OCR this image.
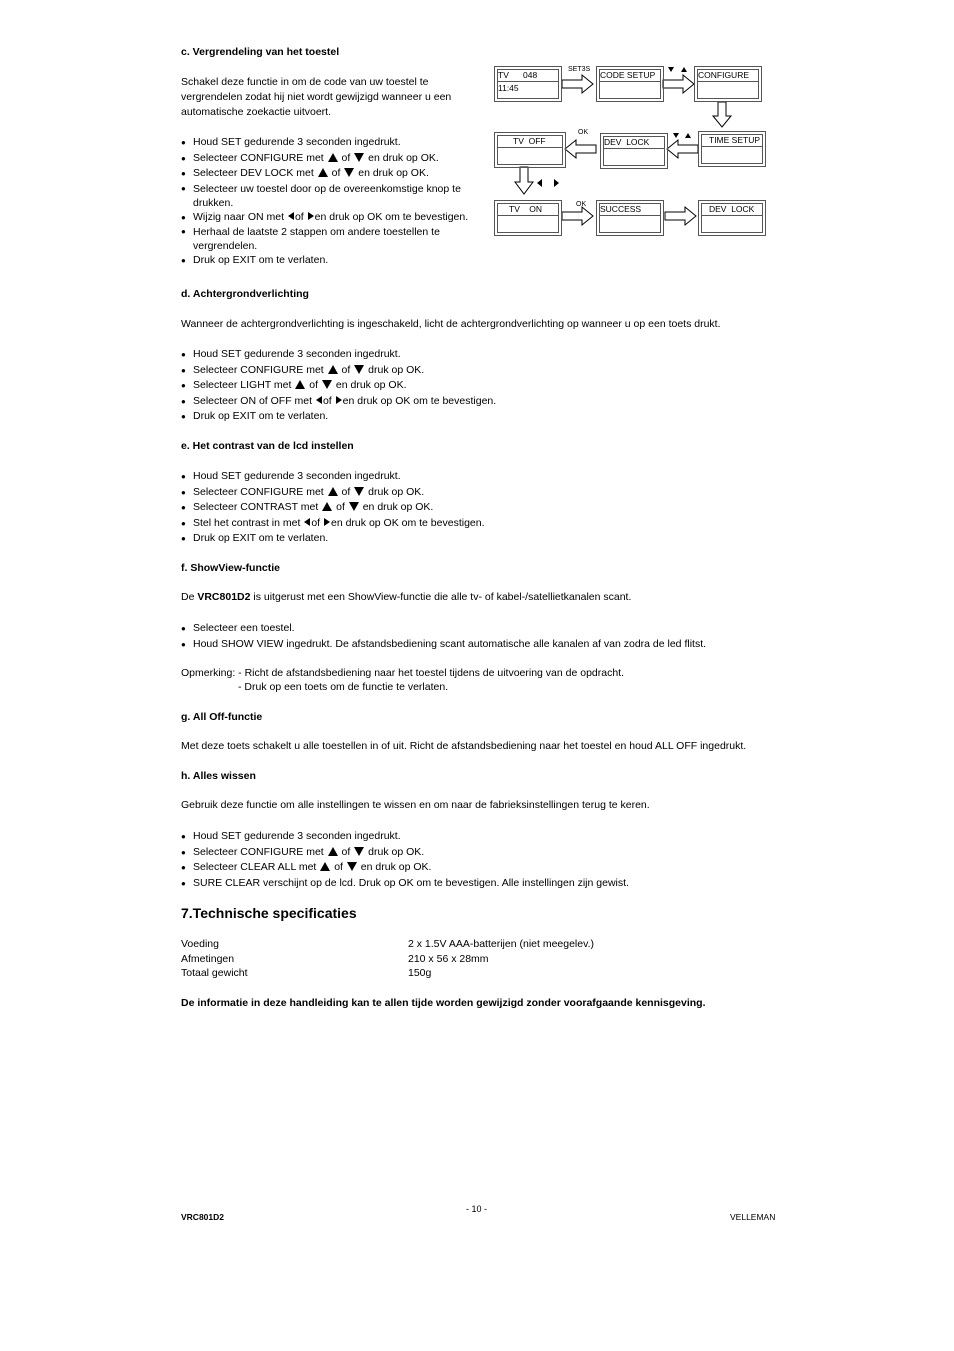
c. Vergrendeling van het toestel
Schakel deze functie in om de code van uw toestel te
vergrendelen zodat hij niet wordt gewijzigd wanneer u een
automatische zoekactie uitvoert.
● Houd SET gedurende 3 seconden ingedrukt.
● Selecteer CONFIGURE met of en druk op OK.
● Selecteer DEV LOCK met of en druk op OK.
● Selecteer uw toestel door op de overeenkomstige knop te
drukken.
● Wijzig naar ON met of en druk op OK om te bevestigen.
● Herhaal de laatste 2 stappen om andere toestellen te
vergrendelen.
● Druk op EXIT om te verlaten.
TV      048
11:45
SET3S
CODE SETUP	CONFIGURE
TIME SETUP
DEV  LOCK
OK
TV  OFF
TV    ON	OK SUCCESS	DEV  LOCK
d. Achtergrondverlichting
Wanneer de achtergrondverlichting is ingeschakeld, licht de achtergrondverlichting op wanneer u op een toets drukt.
● Houd SET gedurende 3 seconden ingedrukt.
● Selecteer CONFIGURE met of druk op OK.
● Selecteer LIGHT met of en druk op OK.
● Selecteer ON of OFF met of en druk op OK om te bevestigen.
● Druk op EXIT om te verlaten.
e. Het contrast van de lcd instellen
● Houd SET gedurende 3 seconden ingedrukt.
● Selecteer CONFIGURE met of druk op OK.
● Selecteer CONTRAST met of en druk op OK.
● Stel het contrast in met of en druk op OK om te bevestigen.
● Druk op EXIT om te verlaten.
f. ShowView-functie
De VRC801D2 is uitgerust met een ShowView-functie die alle tv- of kabel-/satellietkanalen scant.
● Selecteer een toestel.
● Houd SHOW VIEW ingedrukt. De afstandsbediening scant automatische alle kanalen af van zodra de led flitst.
Opmerking: - Richt de afstandsbediening naar het toestel tijdens de uitvoering van de opdracht.
- Druk op een toets om de functie te verlaten.
g. All Off-functie
Met deze toets schakelt u alle toestellen in of uit. Richt de afstandsbediening naar het toestel en houd ALL OFF ingedrukt.
h. Alles wissen
Gebruik deze functie om alle instellingen te wissen en om naar de fabrieksinstellingen terug te keren.
● Houd SET gedurende 3 seconden ingedrukt.
● Selecteer CONFIGURE met of druk op OK.
● Selecteer CLEAR ALL met of en druk op OK.
● SURE CLEAR verschijnt op de lcd. Druk op OK om te bevestigen. Alle instellingen zijn gewist.
7.Technische specificaties
Voeding	2 x 1.5V AAA-batterijen (niet meegelev.)
Afmetingen	210 x 56 x 28mm
Totaal gewicht	150g
De informatie in deze handleiding kan te allen tijde worden gewijzigd zonder voorafgaande kennisgeving.
- 10 -
VRC801D2	VELLEMAN
